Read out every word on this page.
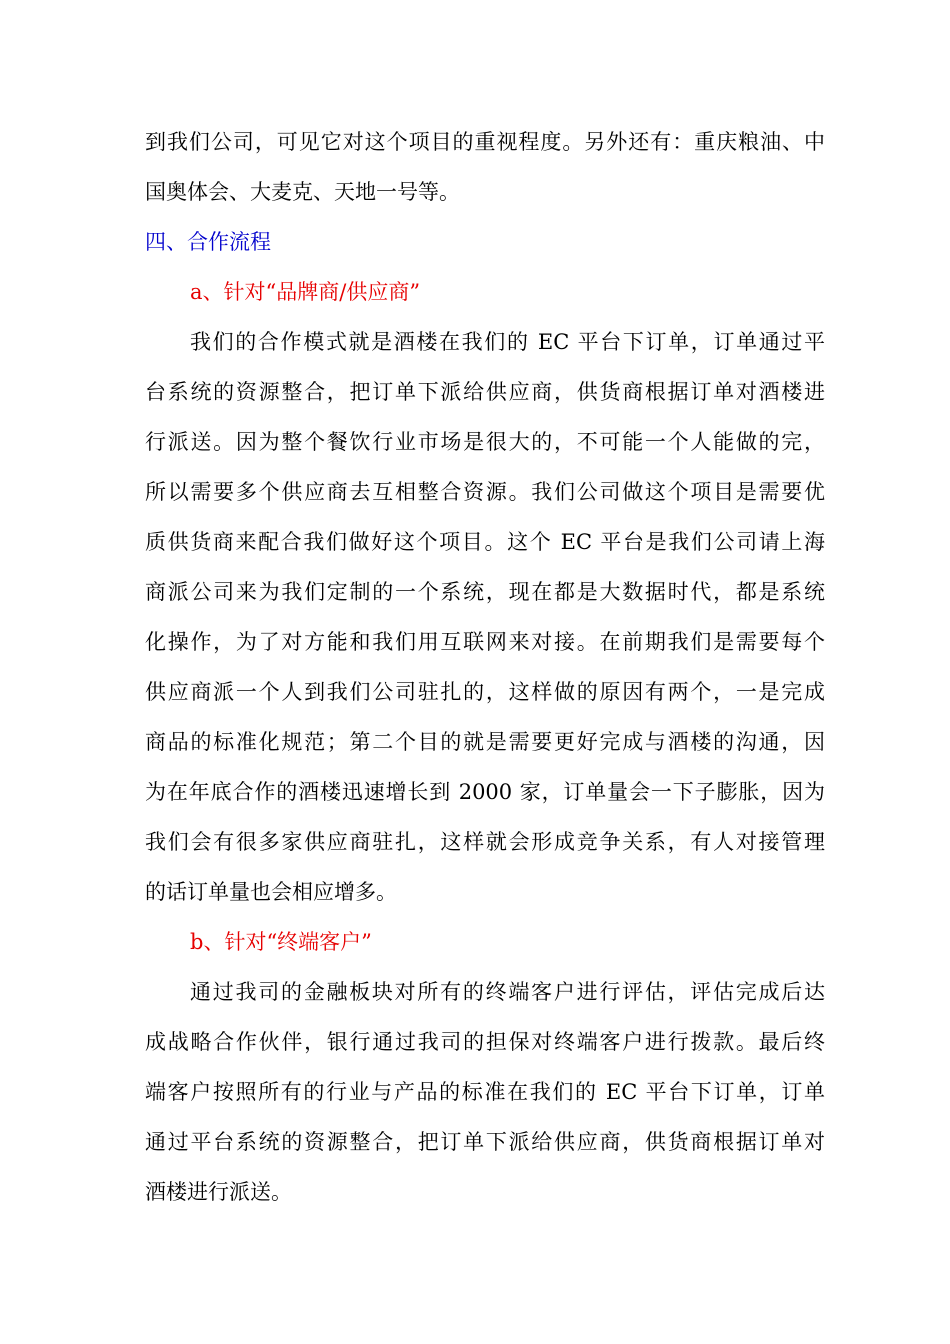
到我们公司，可见它对这个项目的重视程度。另外还有：重庆粮油、中
国奥体会、大麦克、天地一号等。
四、合作流程
a、针对“品牌商/供应商”
我们的合作模式就是酒楼在我们的 EC 平台下订单，订单通过平
台系统的资源整合，把订单下派给供应商，供货商根据订单对酒楼进
行派送。因为整个餐饮行业市场是很大的，不可能一个人能做的完，
所以需要多个供应商去互相整合资源。我们公司做这个项目是需要优
质供货商来配合我们做好这个项目。这个 EC 平台是我们公司请上海
商派公司来为我们定制的一个系统，现在都是大数据时代，都是系统
化操作，为了对方能和我们用互联网来对接。在前期我们是需要每个
供应商派一个人到我们公司驻扎的，这样做的原因有两个，一是完成
商品的标准化规范；第二个目的就是需要更好完成与酒楼的沟通，因
为在年底合作的酒楼迅速增长到 2000 家，订单量会一下子膨胀，因为
我们会有很多家供应商驻扎，这样就会形成竞争关系，有人对接管理
的话订单量也会相应增多。
b、针对“终端客户”
通过我司的金融板块对所有的终端客户进行评估，评估完成后达
成战略合作伙伴，银行通过我司的担保对终端客户进行拨款。最后终
端客户按照所有的行业与产品的标准在我们的 EC 平台下订单，订单
通过平台系统的资源整合，把订单下派给供应商，供货商根据订单对
酒楼进行派送。
